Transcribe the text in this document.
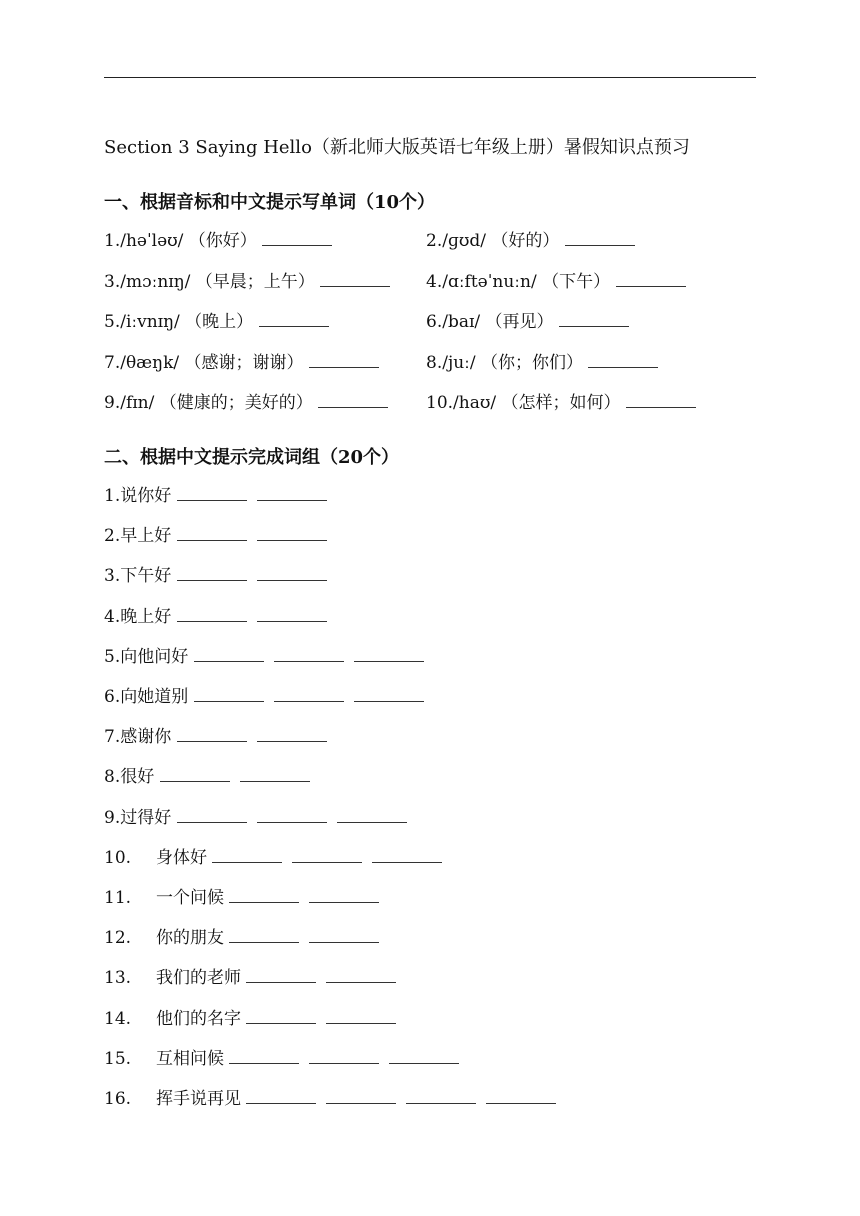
Section 3 Saying Hello（新北师大版英语七年级上册）暑假知识点预习
一、根据音标和中文提示写单词（10个）
1./həˈləʊ/ （你好）	2./ɡʊd/ （好的）
3./mɔːnɪŋ/ （早晨；上午）	4./ɑːftəˈnuːn/ （下午）
5./iːvnɪŋ/ （晚上）	6./baɪ/ （再见）
7./θæŋk/ （感谢；谢谢）	8./juː/ （你；你们）
9./fɪn/ （健康的；美好的）	10./haʊ/ （怎样；如何）
二、根据中文提示完成词组（20个）
1.说你好
2.早上好
3.下午好
4.晚上好
5.向他问好
6.向她道别
7.感谢你
8.很好
9.过得好
10. 身体好
11. 一个问候
12. 你的朋友
13. 我们的老师
14. 他们的名字
15. 互相问候
16. 挥手说再见
